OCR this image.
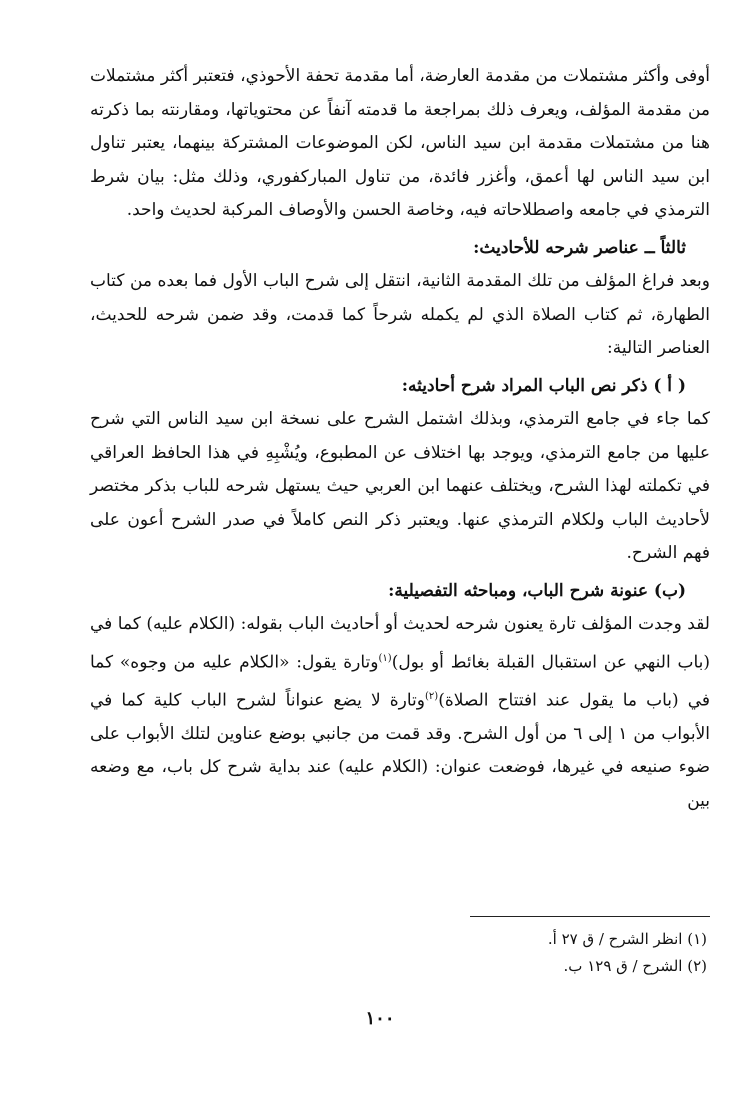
أوفى وأكثر مشتملات من مقدمة العارضة، أما مقدمة تحفة الأحوذي، فتعتبر أكثر مشتملات من مقدمة المؤلف، ويعرف ذلك بمراجعة ما قدمته آنفاً عن محتوياتها، ومقارنته بما ذكرته هنا من مشتملات مقدمة ابن سيد الناس، لكن الموضوعات المشتركة بينهما، يعتبر تناول ابن سيد الناس لها أعمق، وأغزر فائدة، من تناول المباركفوري، وذلك مثل: بيان شرط الترمذي في جامعه واصطلاحاته فيه، وخاصة الحسن والأوصاف المركبة لحديث واحد.

ثالثاً ــ عناصر شرحه للأحاديث:

وبعد فراغ المؤلف من تلك المقدمة الثانية، انتقل إلى شرح الباب الأول فما بعده من كتاب الطهارة، ثم كتاب الصلاة الذي لم يكمله شرحاً كما قدمت، وقد ضمن شرحه للحديث، العناصر التالية:

( أ ) ذكر نص الباب المراد شرح أحاديثه:

كما جاء في جامع الترمذي، وبذلك اشتمل الشرح على نسخة ابن سيد الناس التي شرح عليها من جامع الترمذي، ويوجد بها اختلاف عن المطبوع، ويُشْبِهِ في هذا الحافظ العراقي في تكملته لهذا الشرح، ويختلف عنهما ابن العربي حيث يستهل شرحه للباب بذكر مختصر لأحاديث الباب ولكلام الترمذي عنها. ويعتبر ذكر النص كاملاً في صدر الشرح أعون على فهم الشرح.

(ب) عنونة شرح الباب، ومباحثه التفصيلية:

لقد وجدت المؤلف تارة يعنون شرحه لحديث أو أحاديث الباب بقوله: (الكلام عليه) كما في (باب النهي عن استقبال القبلة بغائط أو بول)$^{(١)}$وتارة يقول: «الكلام عليه من وجوه» كما في (باب ما يقول عند افتتاح الصلاة)$^{(٢)}$وتارة لا يضع عنواناً لشرح الباب كلية كما في الأبواب من ١ إلى ٦ من أول الشرح. وقد قمت من جانبي بوضع عناوين لتلك الأبواب على ضوء صنيعه في غيرها، فوضعت عنوان: (الكلام عليه) عند بداية شرح كل باب، مع وضعه بين

(١) انظر الشرح / ق ٢٧ أ.
(٢) الشرح / ق ١٢٩ ب.
١٠٠
